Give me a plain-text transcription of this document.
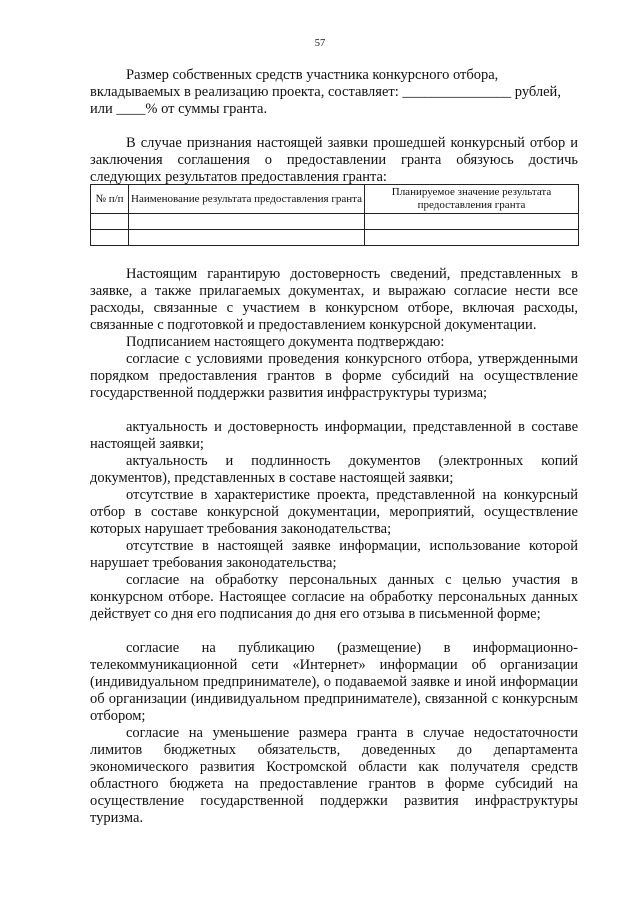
57
Размер собственных средств участника конкурсного отбора,
вкладываемых в реализацию проекта, составляет: _______________ рублей,
или ____% от суммы гранта.
В случае признания настоящей заявки прошедшей конкурсный отбор и заключения соглашения о предоставлении гранта обязуюсь достичь следующих результатов предоставления гранта:
№ п/п	Наименование результата предоставления гранта	Планируемое значение результата предоставления гранта

Настоящим гарантирую достоверность сведений, представленных в заявке, а также прилагаемых документах, и выражаю согласие нести все расходы, связанные с участием в конкурсном отборе, включая расходы, связанные с подготовкой и предоставлением конкурсной документации.
Подписанием настоящего документа подтверждаю:
согласие с условиями проведения конкурсного отбора, утвержденными порядком предоставления грантов в форме субсидий на осуществление государственной поддержки развития инфраструктуры туризма;
актуальность и достоверность информации, представленной в составе настоящей заявки;
актуальность и подлинность документов (электронных копий документов), представленных в составе настоящей заявки;
отсутствие в характеристике проекта, представленной на конкурсный отбор в составе конкурсной документации, мероприятий, осуществление которых нарушает требования законодательства;
отсутствие в настоящей заявке информации, использование которой нарушает требования законодательства;
согласие на обработку персональных данных с целью участия в конкурсном отборе. Настоящее согласие на обработку персональных данных действует со дня его подписания до дня его отзыва в письменной форме;
согласие на публикацию (размещение) в информационно-телекоммуникационной сети «Интернет» информации об организации (индивидуальном предпринимателе), о подаваемой заявке и иной информации об организации (индивидуальном предпринимателе), связанной с конкурсным отбором;
согласие на уменьшение размера гранта в случае недостаточности лимитов бюджетных обязательств, доведенных до департамента экономического развития Костромской области как получателя средств областного бюджета на предоставление грантов в форме субсидий на осуществление государственной поддержки развития инфраструктуры туризма.
